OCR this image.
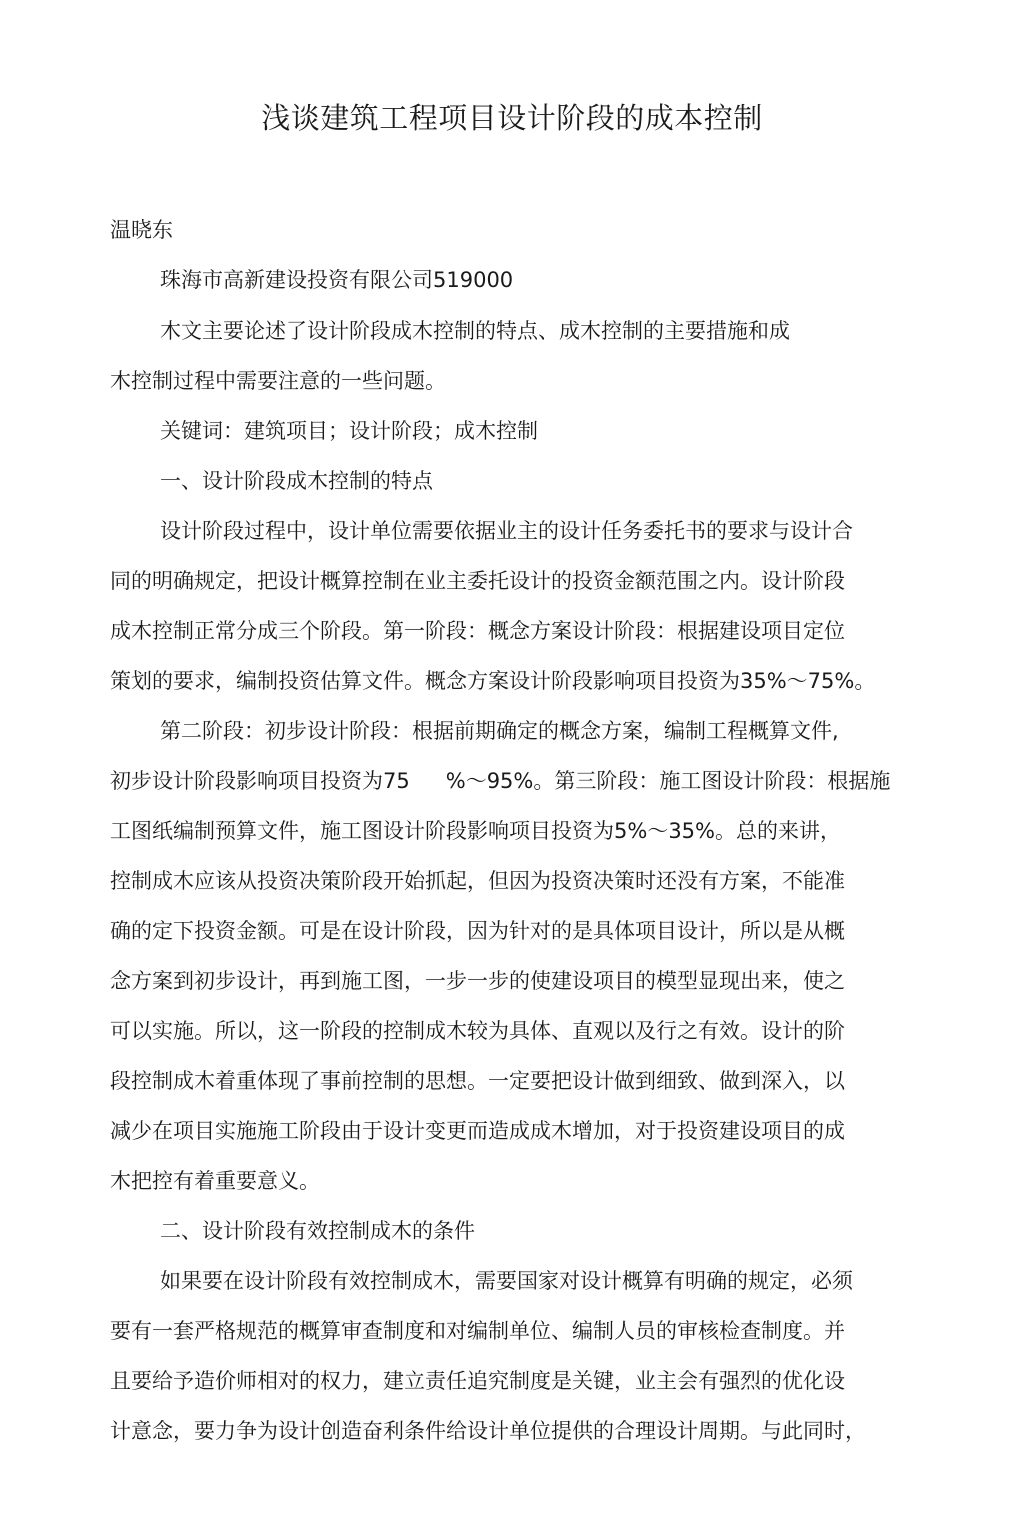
浅谈建筑工程项目设计阶段的成本控制
温晓东
珠海市高新建设投资有限公司519000
木文主要论述了设计阶段成木控制的特点、成木控制的主要措施和成
木控制过程中需要注意的一些问题。
关键词：建筑项目；设计阶段；成木控制
一、设计阶段成木控制的特点
设计阶段过程中，设计单位需要依据业主的设计任务委托书的要求与设计合
同的明确规定，把设计概算控制在业主委托设计的投资金额范围之内。设计阶段
成木控制正常分成三个阶段。第一阶段：概念方案设计阶段：根据建设项目定位
策划的要求，编制投资估算文件。概念方案设计阶段影响项目投资为35%～75%。
第二阶段：初步设计阶段：根据前期确定的概念方案，编制工程概算文件,
初步设计阶段影响项目投资为75 %～95%。第三阶段：施工图设计阶段：根据施
工图纸编制预算文件，施工图设计阶段影响项目投资为5%～35%。总的来讲，
控制成木应该从投资决策阶段开始抓起，但因为投资决策时还没有方案，不能准
确的定下投资金额。可是在设计阶段，因为针对的是具体项目设计，所以是从概
念方案到初步设计，再到施工图，一步一步的使建设项目的模型显现出来，使之
可以实施。所以，这一阶段的控制成木较为具体、直观以及行之有效。设计的阶
段控制成木着重体现了事前控制的思想。一定要把设计做到细致、做到深入，以
减少在项目实施施工阶段由于设计变更而造成成木增加，对于投资建设项目的成
木把控有着重要意义。
二、设计阶段有效控制成木的条件
如果要在设计阶段有效控制成木，需要国家对设计概算有明确的规定，必须
要有一套严格规范的概算审查制度和对编制单位、编制人员的审核检查制度。并
且要给予造价师相对的权力，建立责任追究制度是关键，业主会有强烈的优化设
计意念，要力争为设计创造奋利条件给设计单位提供的合理设计周期。与此同时，
